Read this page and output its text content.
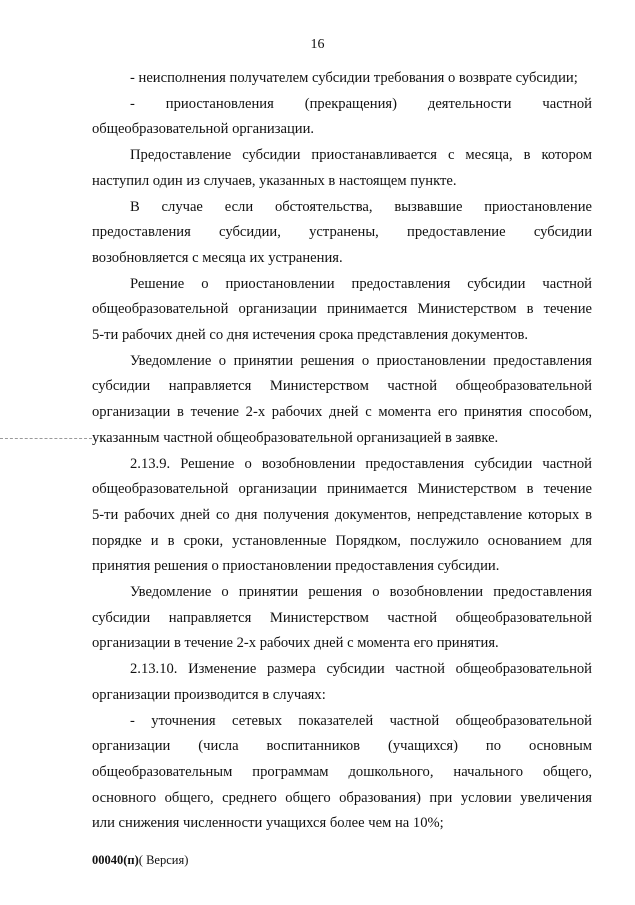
16
- неисполнения получателем субсидии требования о возврате субсидии;
- приостановления (прекращения) деятельности частной
общеобразовательной организации.
Предоставление субсидии приостанавливается с месяца, в котором
наступил один из случаев, указанных в настоящем пункте.
В случае если обстоятельства, вызвавшие приостановление
предоставления субсидии, устранены, предоставление субсидии
возобновляется с месяца их устранения.
Решение о приостановлении предоставления субсидии частной
общеобразовательной организации принимается Министерством в течение
5-ти рабочих дней со дня истечения срока представления документов.
Уведомление о принятии решения о приостановлении предоставления
субсидии направляется Министерством частной общеобразовательной
организации в течение 2-х рабочих дней с момента его принятия способом,
указанным частной общеобразовательной организацией в заявке.
2.13.9. Решение о возобновлении предоставления субсидии частной
общеобразовательной организации принимается Министерством в течение
5-ти рабочих дней со дня получения документов, непредставление которых в
порядке и в сроки, установленные Порядком, послужило основанием для
принятия решения о приостановлении предоставления субсидии.
Уведомление о принятии решения о возобновлении предоставления
субсидии направляется Министерством частной общеобразовательной
организации в течение 2-х рабочих дней с момента его принятия.
2.13.10. Изменение размера субсидии частной общеобразовательной
организации производится в случаях:
- уточнения сетевых показателей частной общеобразовательной
организации (числа воспитанников (учащихся) по основным
общеобразовательным программам дошкольного, начального общего,
основного общего, среднего общего образования) при условии увеличения
или снижения численности учащихся более чем на 10%;
00040(п)( Версия)
